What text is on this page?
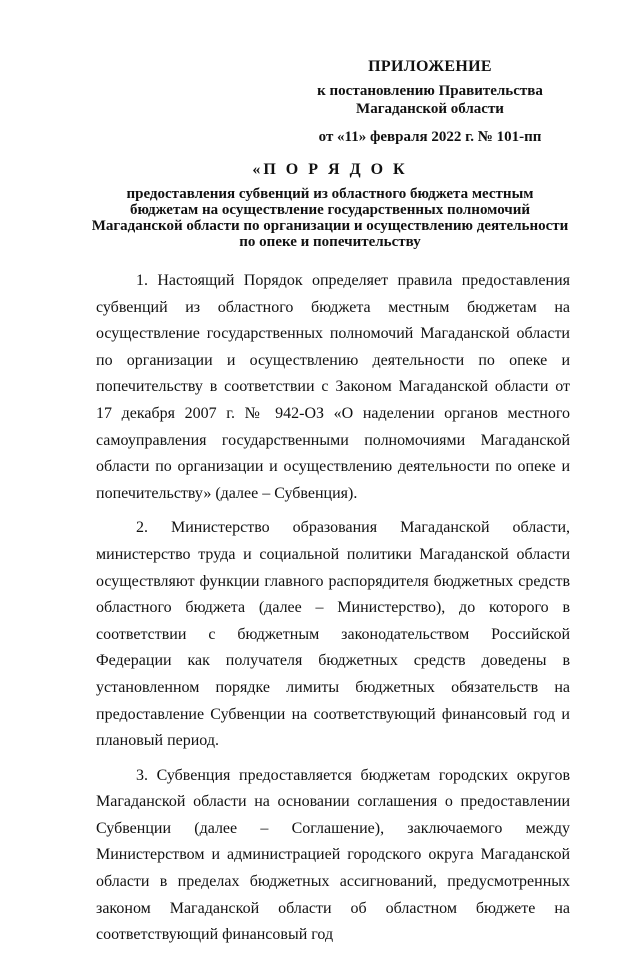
ПРИЛОЖЕНИЕ
к постановлению Правительства
Магаданской области
от «11» февраля 2022 г. № 101-пп
«П О Р Я Д О К
предоставления субвенций из областного бюджета местным
бюджетам на осуществление государственных полномочий
Магаданской области по организации и осуществлению деятельности
по опеке и попечительству

1. Настоящий Порядок определяет правила предоставления субвенций из областного бюджета местным бюджетам на осуществление государственных полномочий Магаданской области по организации и осуществлению деятельности по опеке и попечительству в соответствии с Законом Магаданской области от 17 декабря 2007 г. № 942-ОЗ «О наделении органов местного самоуправления государственными полномочиями Магаданской области по организации и осуществлению деятельности по опеке и попечительству» (далее – Субвенция).

2. Министерство образования Магаданской области, министерство труда и социальной политики Магаданской области осуществляют функции главного распорядителя бюджетных средств областного бюджета (далее – Министерство), до которого в соответствии с бюджетным законодательством Российской Федерации как получателя бюджетных средств доведены в установленном порядке лимиты бюджетных обязательств на предоставление Субвенции на соответствующий финансовый год и плановый период.

3. Субвенция предоставляется бюджетам городских округов Магаданской области на основании соглашения о предоставлении Субвенции (далее – Соглашение), заключаемого между Министерством и администрацией городского округа Магаданской области в пределах бюджетных ассигнований, предусмотренных законом Магаданской области об областном бюджете на соответствующий финансовый год
